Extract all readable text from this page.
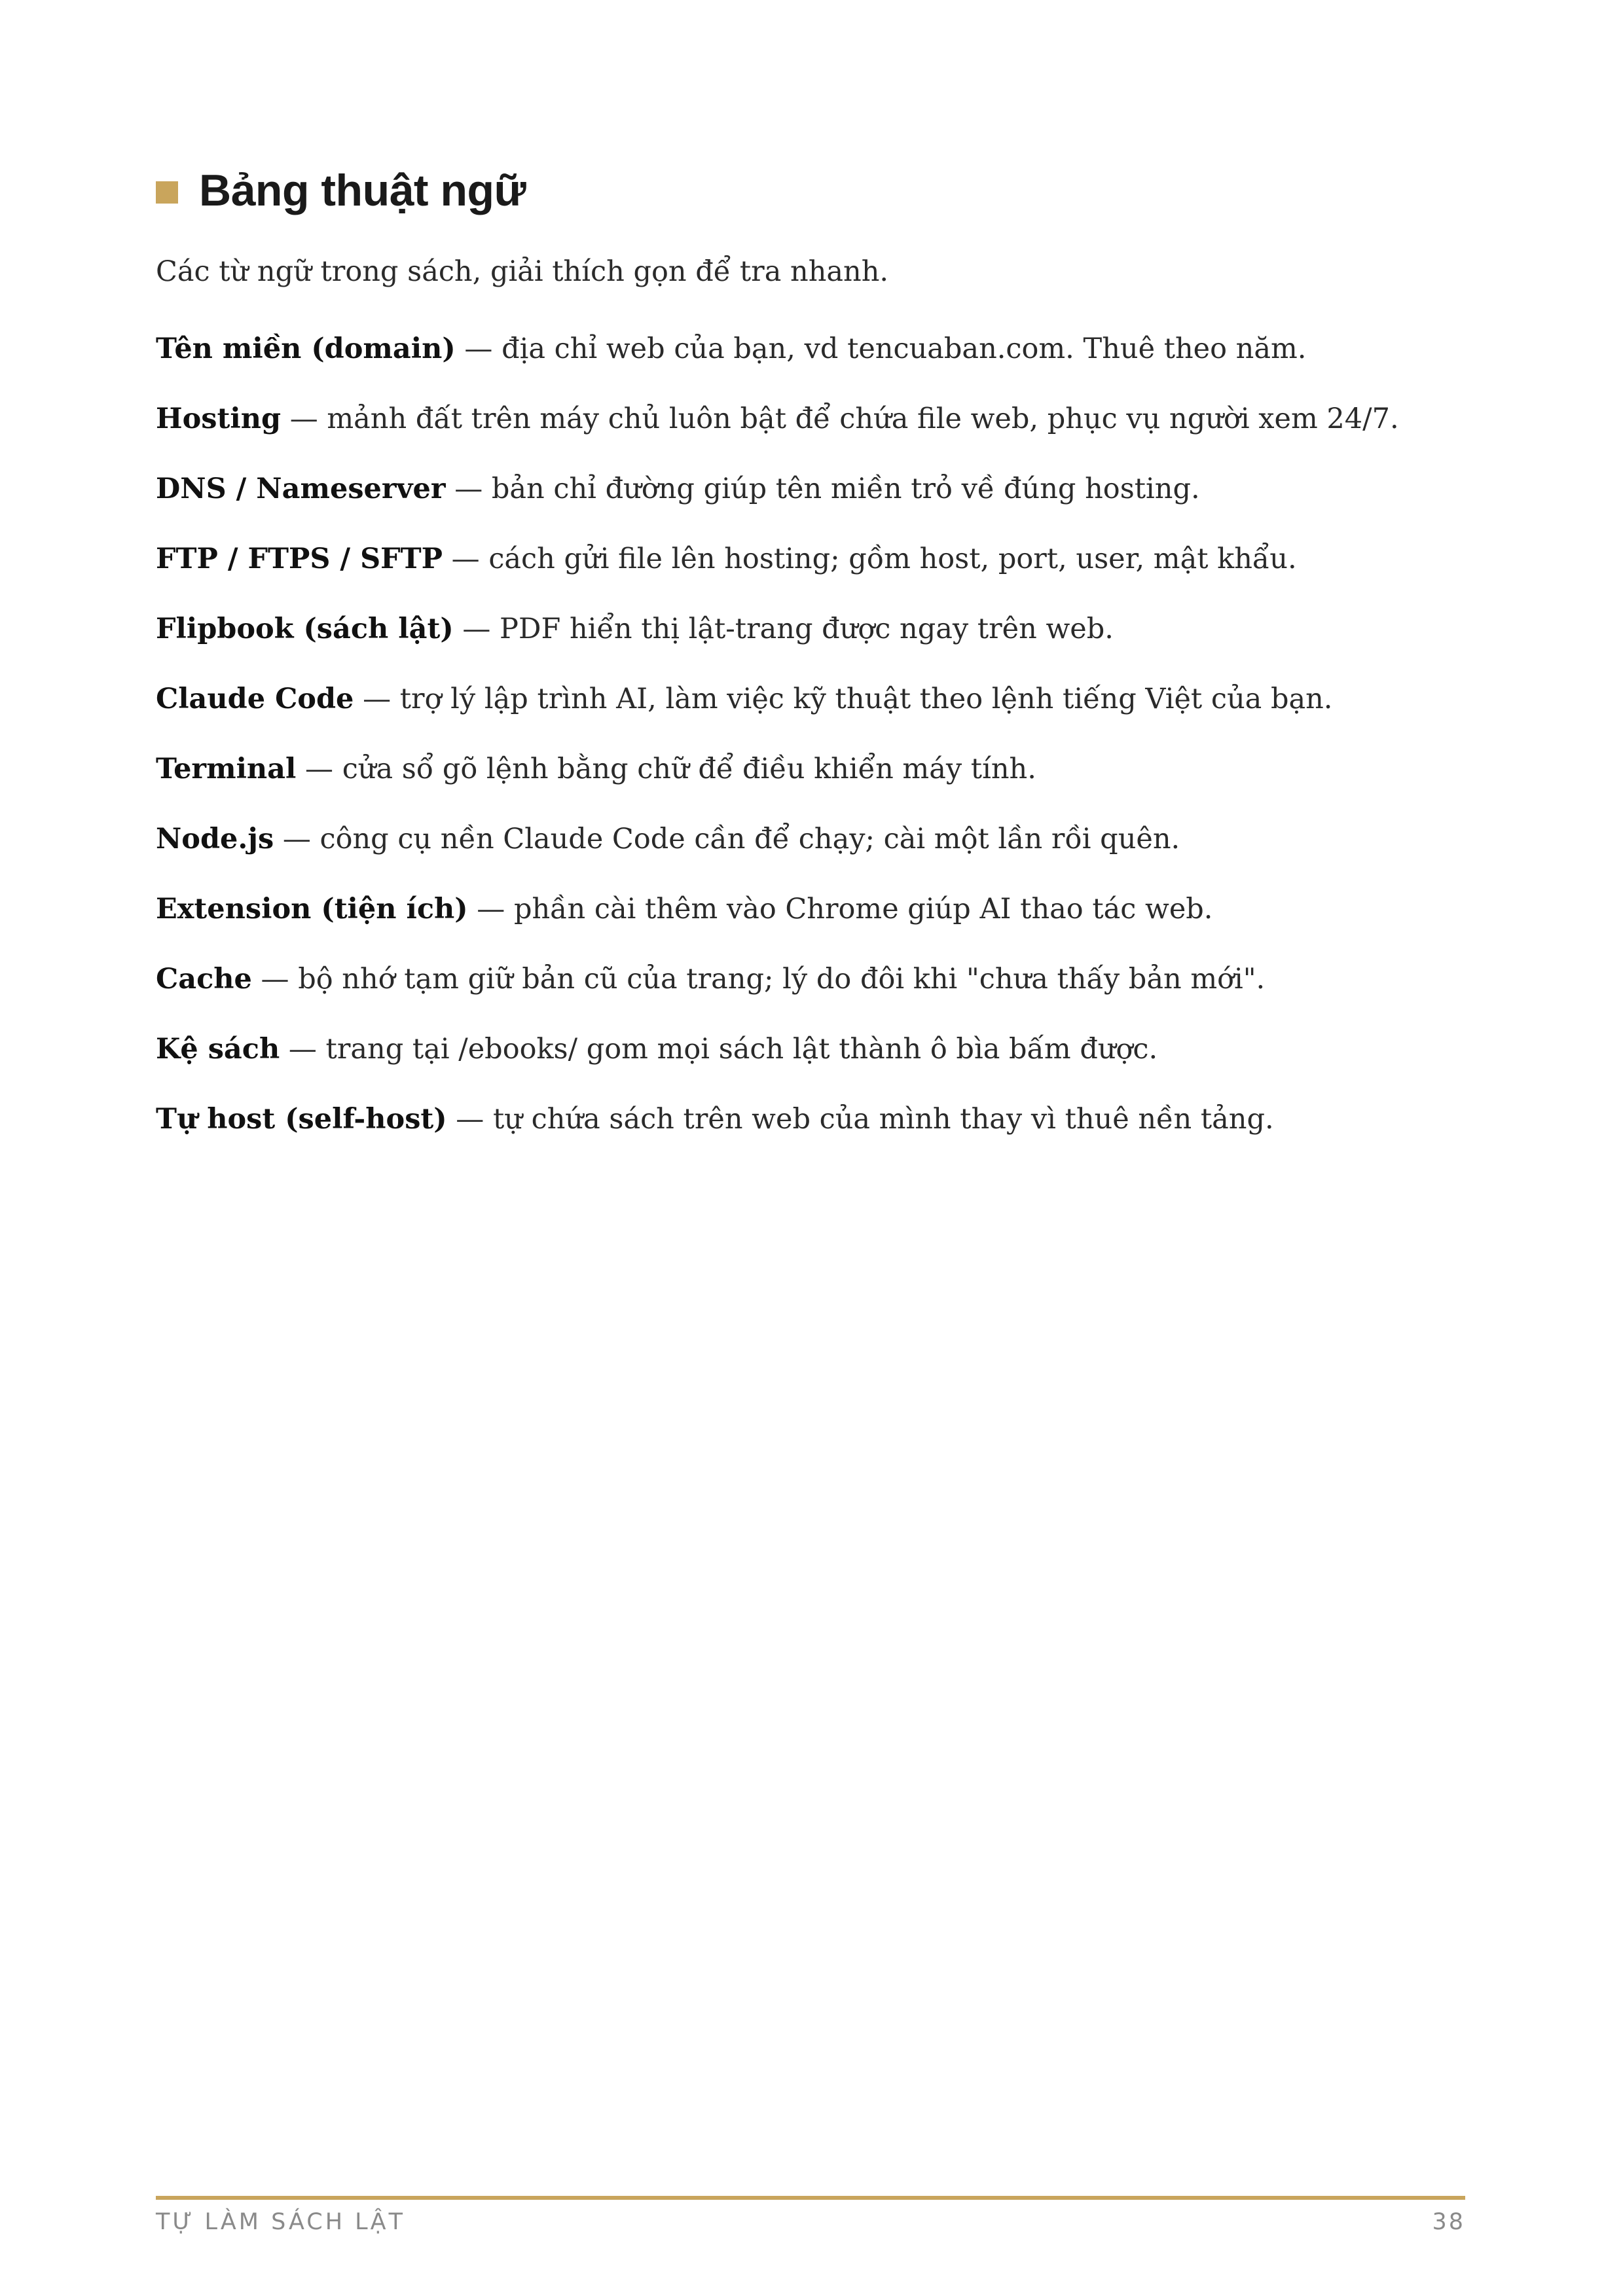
Bảng thuật ngữ
Các từ ngữ trong sách, giải thích gọn để tra nhanh.
Tên miền (domain) — địa chỉ web của bạn, vd tencuaban.com. Thuê theo năm.
Hosting — mảnh đất trên máy chủ luôn bật để chứa file web, phục vụ người xem 24/7.
DNS / Nameserver — bản chỉ đường giúp tên miền trỏ về đúng hosting.
FTP / FTPS / SFTP — cách gửi file lên hosting; gồm host, port, user, mật khẩu.
Flipbook (sách lật) — PDF hiển thị lật-trang được ngay trên web.
Claude Code — trợ lý lập trình AI, làm việc kỹ thuật theo lệnh tiếng Việt của bạn.
Terminal — cửa sổ gõ lệnh bằng chữ để điều khiển máy tính.
Node.js — công cụ nền Claude Code cần để chạy; cài một lần rồi quên.
Extension (tiện ích) — phần cài thêm vào Chrome giúp AI thao tác web.
Cache — bộ nhớ tạm giữ bản cũ của trang; lý do đôi khi "chưa thấy bản mới".
Kệ sách — trang tại /ebooks/ gom mọi sách lật thành ô bìa bấm được.
Tự host (self-host) — tự chứa sách trên web của mình thay vì thuê nền tảng.
TỰ LÀM SÁCH LẬT	38
